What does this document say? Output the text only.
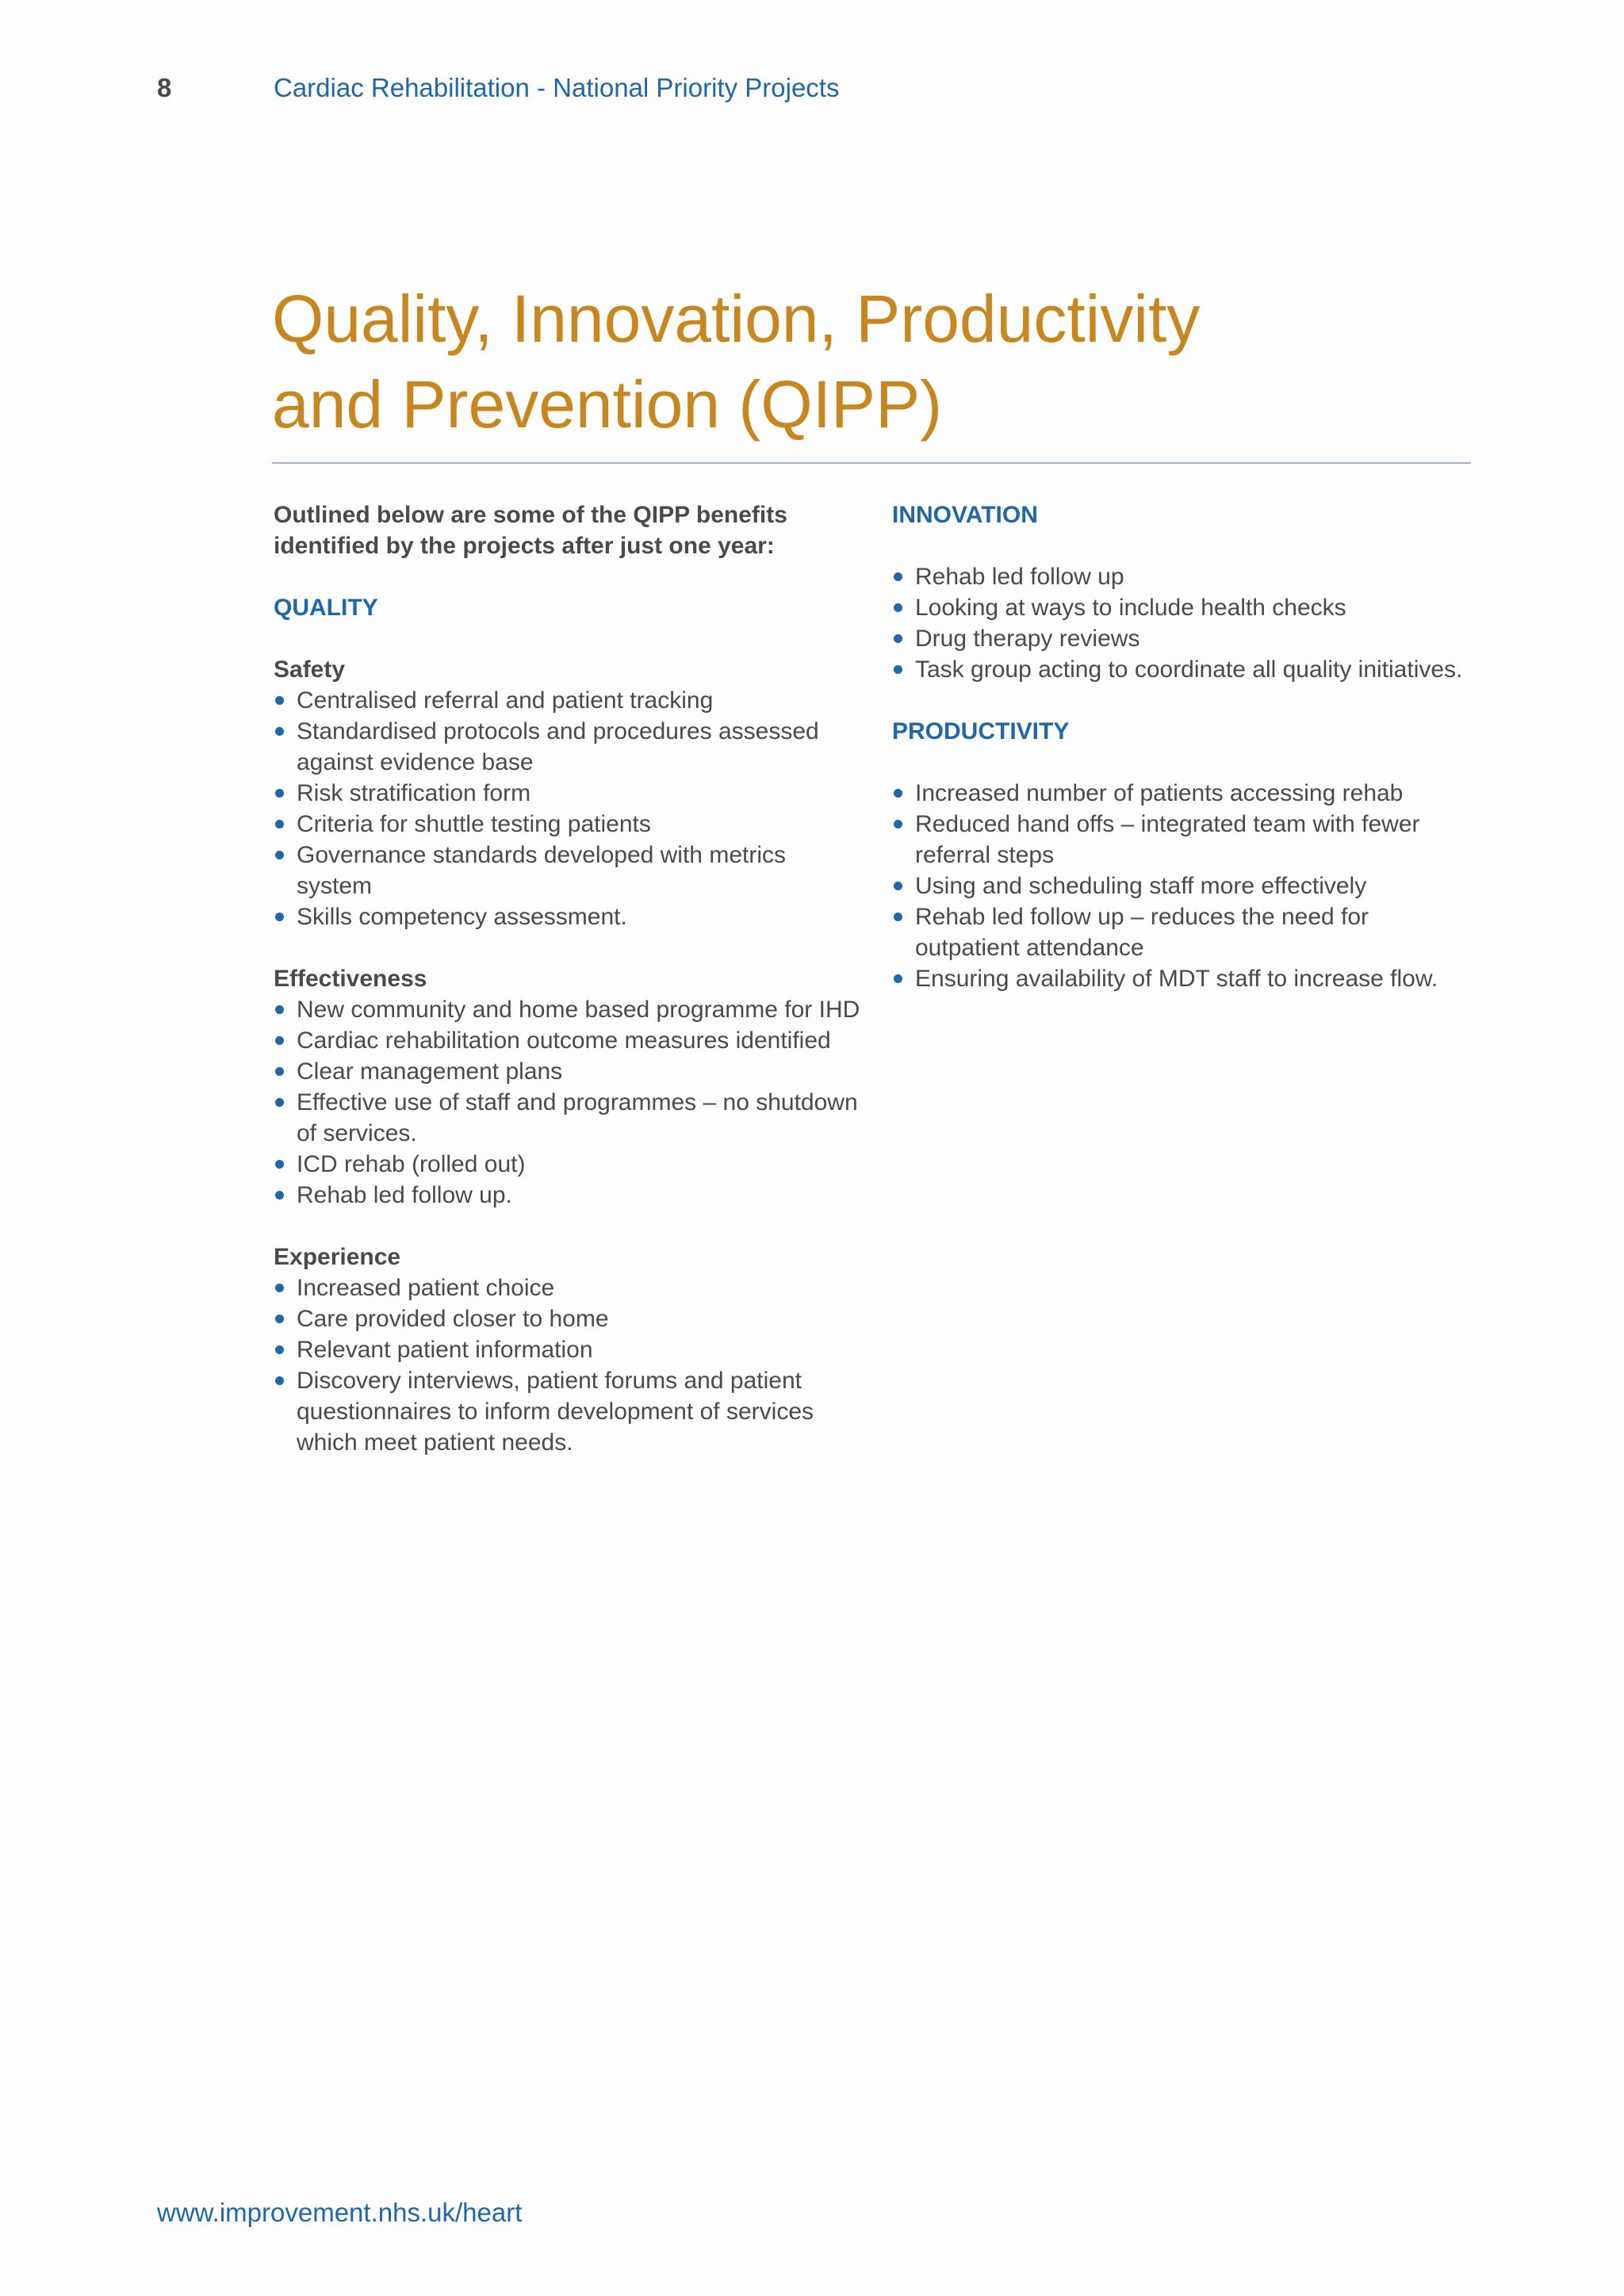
8	Cardiac Rehabilitation - National Priority Projects
Quality, Innovation, Productivity
and Prevention (QIPP)

Outlined below are some of the QIPP benefits identified by the projects after just one year:

QUALITY

Safety

Centralised referral and patient tracking
Standardised protocols and procedures assessed against evidence base
Risk stratification form
Criteria for shuttle testing patients
Governance standards developed with metrics system
Skills competency assessment.

Effectiveness

New community and home based programme for IHD
Cardiac rehabilitation outcome measures identified
Clear management plans
Effective use of staff and programmes – no shutdown of services.
ICD rehab (rolled out)
Rehab led follow up.

Experience

Increased patient choice
Care provided closer to home
Relevant patient information
Discovery interviews, patient forums and patient questionnaires to inform development of services which meet patient needs.

INNOVATION

Rehab led follow up
Looking at ways to include health checks
Drug therapy reviews
Task group acting to coordinate all quality initiatives.

PRODUCTIVITY

Increased number of patients accessing rehab
Reduced hand offs – integrated team with fewer referral steps
Using and scheduling staff more effectively
Rehab led follow up – reduces the need for outpatient attendance
Ensuring availability of MDT staff to increase flow.
www.improvement.nhs.uk/heart
